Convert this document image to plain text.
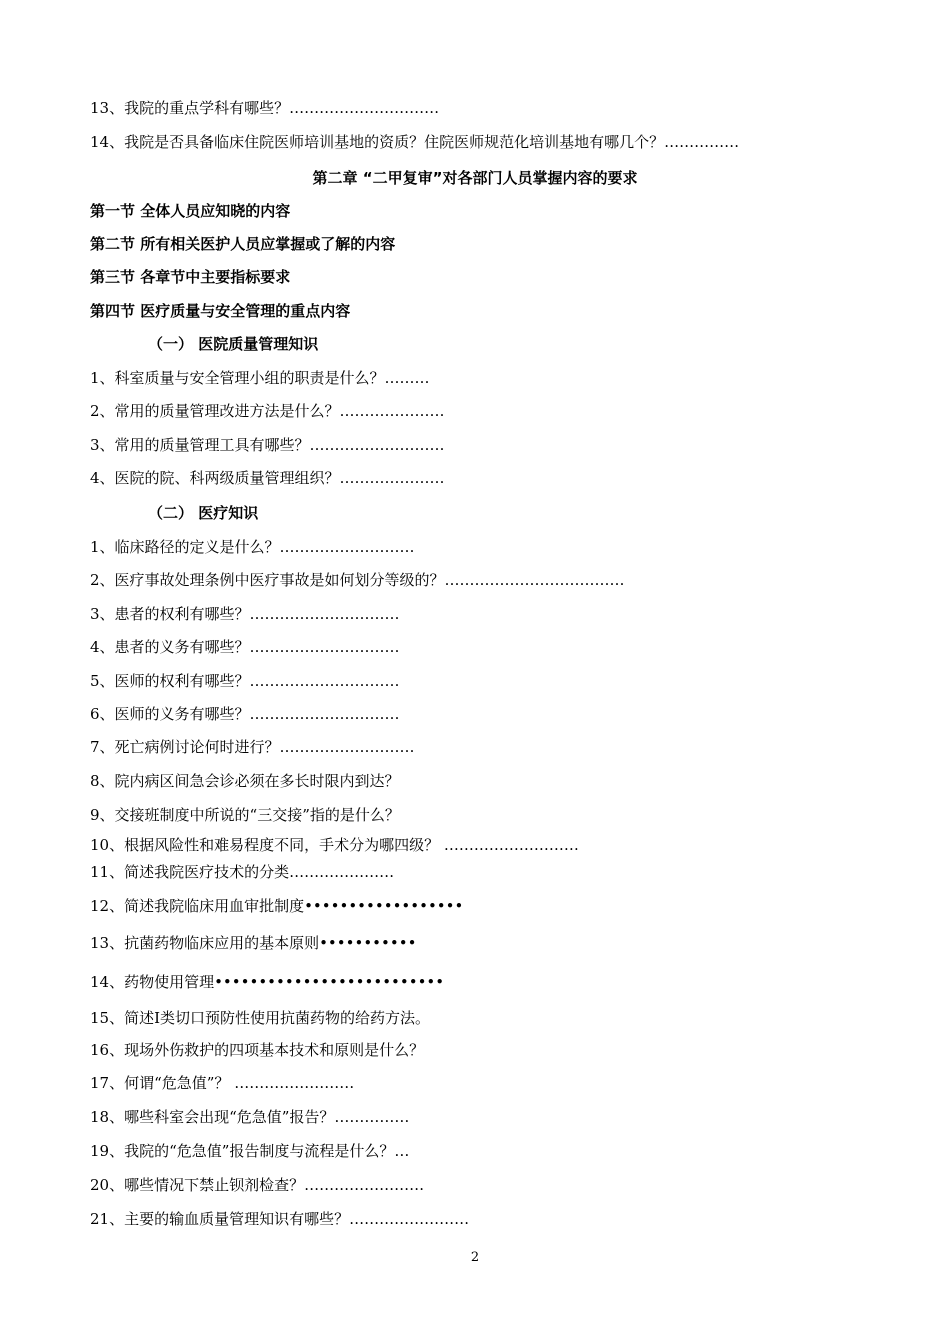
13、我院的重点学科有哪些？…………………………
14、我院是否具备临床住院医师培训基地的资质？住院医师规范化培训基地有哪几个？……………
第二章 “二甲复审”对各部门人员掌握内容的要求
第一节 全体人员应知晓的内容
第二节 所有相关医护人员应掌握或了解的内容
第三节 各章节中主要指标要求
第四节 医疗质量与安全管理的重点内容
（一） 医院质量管理知识
1、科室质量与安全管理小组的职责是什么？………
2、常用的质量管理改进方法是什么？…………………
3、常用的质量管理工具有哪些？………………………
4、医院的院、科两级质量管理组织？…………………
（二） 医疗知识
1、临床路径的定义是什么？………………………
2、医疗事故处理条例中医疗事故是如何划分等级的？………………………………
3、患者的权利有哪些？…………………………
4、患者的义务有哪些？…………………………
5、医师的权利有哪些？…………………………
6、医师的义务有哪些？…………………………
7、死亡病例讨论何时进行？………………………
8、院内病区间急会诊必须在多长时限内到达？
9、交接班制度中所说的“三交接”指的是什么？
10、根据风险性和难易程度不同，手术分为哪四级？ ………………………
11、简述我院医疗技术的分类…………………
12、简述我院临床用血审批制度••••••••••••••••••
13、抗菌药物临床应用的基本原则•••••••••••
14、药物使用管理••••••••••••••••••••••••••
15、简述Ⅰ类切口预防性使用抗菌药物的给药方法。
16、现场外伤救护的四项基本技术和原则是什么？
17、何谓“危急值”？ ……………………
18、哪些科室会出现“危急值”报告？……………
19、我院的“危急值”报告制度与流程是什么？…
20、哪些情况下禁止钡剂检查？……………………
21、主要的输血质量管理知识有哪些？……………………
2
